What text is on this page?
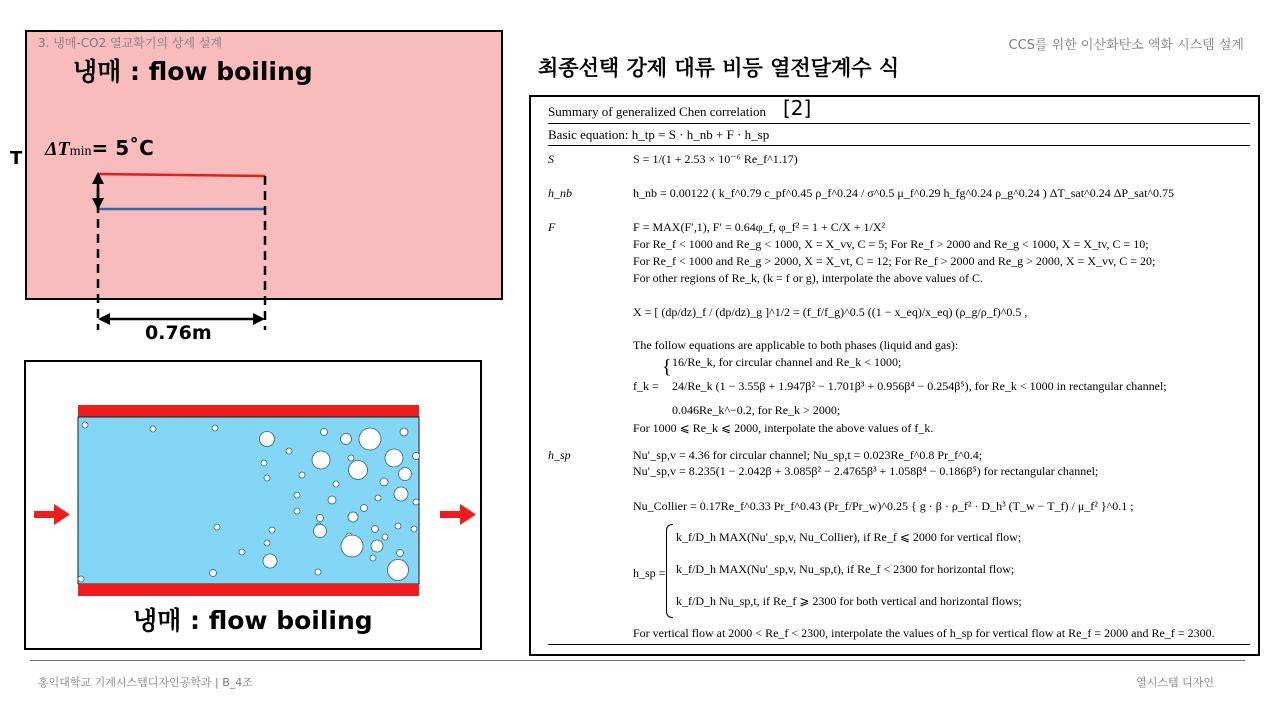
CCS를 위한 이산화탄소 액화 시스템 설계
3. 냉매-CO2 열교확기의 상세 설계
냉매 : flow boiling
T ΔTmin= 5˚C
0.76m
냉매 : flow boiling
최종선택 강제 대류 비등 열전달계수 식
Summary of generalized Chen correlation [2]
Basic equation: h_tp = S · h_nb + F · h_sp
S	S = 1/(1 + 2.53 × 10⁻⁶ Re_f^1.17)
h_nb	h_nb = 0.00122 ( k_f^0.79 c_pf^0.45 ρ_f^0.24 / σ^0.5 μ_f^0.29 h_fg^0.24 ρ_g^0.24 ) ΔT_sat^0.24 ΔP_sat^0.75
F	F = MAX(F′,1), F′ = 0.64φ_f, φ_f² = 1 + C/X + 1/X²
For Re_f < 1000 and Re_g < 1000, X = X_vv, C = 5; For Re_f > 2000 and Re_g < 1000, X = X_tv, C = 10;
For Re_f < 1000 and Re_g > 2000, X = X_vt, C = 12; For Re_f > 2000 and Re_g > 2000, X = X_vv, C = 20;
For other regions of Re_k, (k = f or g), interpolate the above values of C.
X = [ (dp/dz)_f / (dp/dz)_g ]^1/2 = (f_f/f_g)^0.5 ((1 − x_eq)/x_eq) (ρ_g/ρ_f)^0.5 ,
The follow equations are applicable to both phases (liquid and gas):
f_k =
{ 16/Re_k, for circular channel and Re_k < 1000;
24/Re_k (1 − 3.55β + 1.947β² − 1.701β³ + 0.956β⁴ − 0.254β⁵), for Re_k < 1000 in rectangular channel;
0.046Re_k^−0.2, for Re_k > 2000;
For 1000 ⩽ Re_k ⩽ 2000, interpolate the above values of f_k.
h_sp	Nu′_sp,v = 4.36 for circular channel; Nu_sp,t = 0.023Re_f^0.8 Pr_f^0.4;
Nu′_sp,v = 8.235(1 − 2.042β + 3.085β² − 2.4765β³ + 1.058β⁴ − 0.186β⁵) for rectangular channel;
Nu_Collier = 0.17Re_f^0.33 Pr_f^0.43 (Pr_f/Pr_w)^0.25 { g · β · ρ_f² · D_h³ (T_w − T_f) / μ_f² }^0.1 ;
h_sp =
k_f/D_h MAX(Nu′_sp,v, Nu_Collier), if Re_f ⩽ 2000 for vertical flow;
k_f/D_h MAX(Nu′_sp,v, Nu_sp,t), if Re_f < 2300 for horizontal flow;
k_f/D_h Nu_sp,t, if Re_f ⩾ 2300 for both vertical and horizontal flows;
For vertical flow at 2000 < Re_f < 2300, interpolate the values of h_sp for vertical flow at Re_f = 2000 and Re_f = 2300.
홍익대학교 기계시스템디자인공학과 | B_4조	열시스템 디자인
